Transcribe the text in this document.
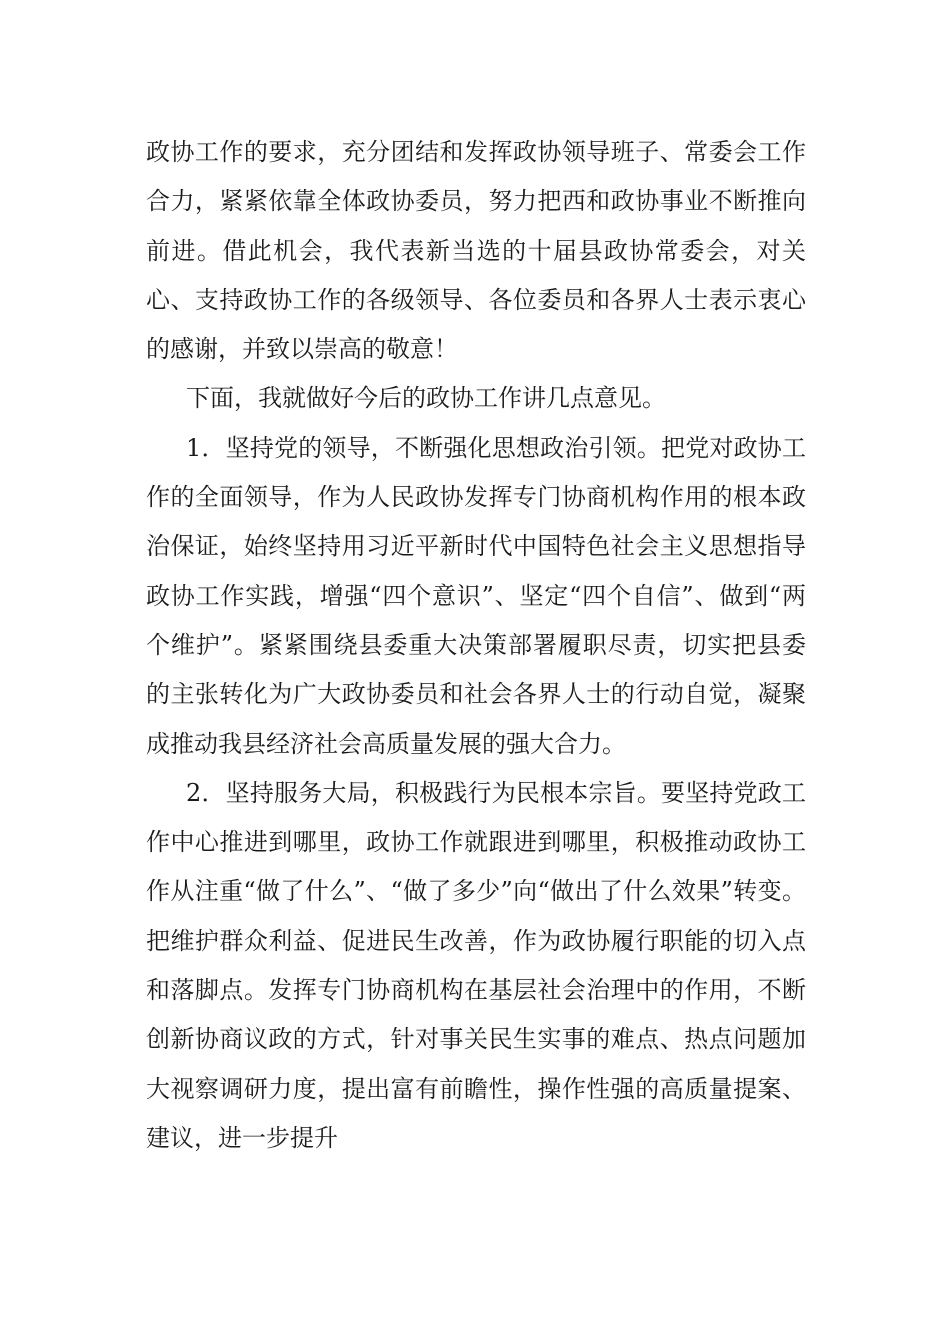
政协工作的要求，充分团结和发挥政协领导班子、常委会工作合力，紧紧依靠全体政协委员，努力把西和政协事业不断推向前进。借此机会，我代表新当选的十届县政协常委会，对关心、支持政协工作的各级领导、各位委员和各界人士表示衷心的感谢，并致以崇高的敬意！

下面，我就做好今后的政协工作讲几点意见。

1．坚持党的领导，不断强化思想政治引领。把党对政协工作的全面领导，作为人民政协发挥专门协商机构作用的根本政治保证，始终坚持用习近平新时代中国特色社会主义思想指导政协工作实践，增强“四个意识”、坚定“四个自信”、做到“两个维护”。紧紧围绕县委重大决策部署履职尽责，切实把县委的主张转化为广大政协委员和社会各界人士的行动自觉，凝聚成推动我县经济社会高质量发展的强大合力。

2．坚持服务大局，积极践行为民根本宗旨。要坚持党政工作中心推进到哪里，政协工作就跟进到哪里，积极推动政协工作从注重“做了什么”、“做了多少”向“做出了什么效果”转变。把维护群众利益、促进民生改善，作为政协履行职能的切入点和落脚点。发挥专门协商机构在基层社会治理中的作用，不断创新协商议政的方式，针对事关民生实事的难点、热点问题加大视察调研力度，提出富有前瞻性，操作性强的高质量提案、建议，进一步提升
